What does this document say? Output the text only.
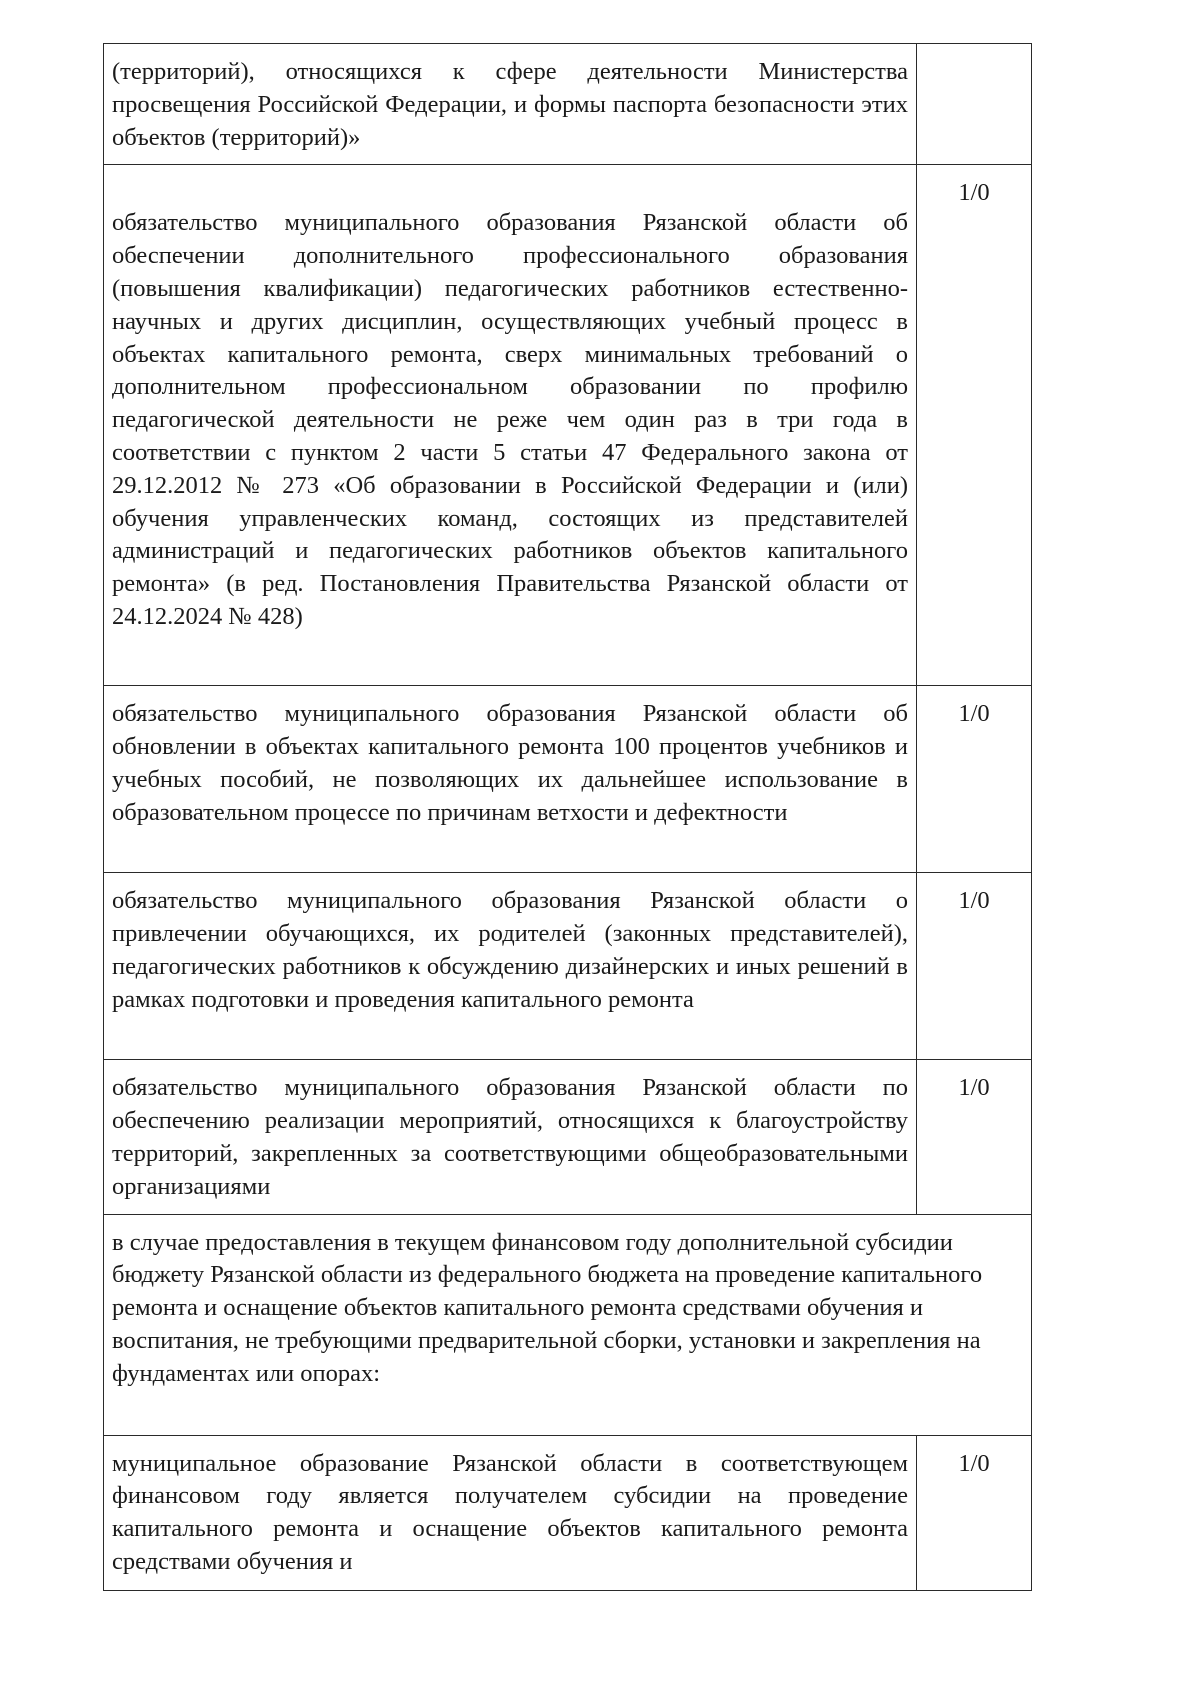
(территорий), относящихся к сфере деятельности Министерства просвещения Российской Федерации, и формы паспорта безопасности этих объектов (территорий)»	

обязательство муниципального образования Рязанской области об обеспечении дополнительного профессионального образования (повышения квалификации) педагогических работников естественно-научных и других дисциплин, осуществляющих учебный процесс в объектах капитального ремонта, сверх минимальных требований о дополнительном профессиональном образовании по профилю педагогической деятельности не реже чем один раз в три года в соответствии с пунктом 2 части 5 статьи 47 Федерального закона от 29.12.2012 № 273 «Об образовании в Российской Федерации и (или) обучения управленческих команд, состоящих из представителей администраций и педагогических работников объектов капитального ремонта» (в ред. Постановления Правительства Рязанской области от 24.12.2024 № 428)	1/0

обязательство муниципального образования Рязанской области об обновлении в объектах капитального ремонта 100 процентов учебников и учебных пособий, не позволяющих их дальнейшее использование в образовательном процессе по причинам ветхости и дефектности	1/0

обязательство муниципального образования Рязанской области о привлечении обучающихся, их родителей (законных представителей), педагогических работников к обсуждению дизайнерских и иных решений в рамках подготовки и проведения капитального ремонта	1/0

обязательство муниципального образования Рязанской области по обеспечению реализации мероприятий, относящихся к благоустройству территорий, закрепленных за соответствующими общеобразовательными организациями	1/0

в случае предоставления в текущем финансовом году дополнительной субсидии бюджету Рязанской области из федерального бюджета на проведение капитального ремонта и оснащение объектов капитального ремонта средствами обучения и воспитания, не требующими предварительной сборки, установки и закрепления на фундаментах или опорах:	

муниципальное образование Рязанской области в соответствующем финансовом году является получателем субсидии на проведение капитального ремонта и оснащение объектов капитального ремонта средствами обучения и	1/0
